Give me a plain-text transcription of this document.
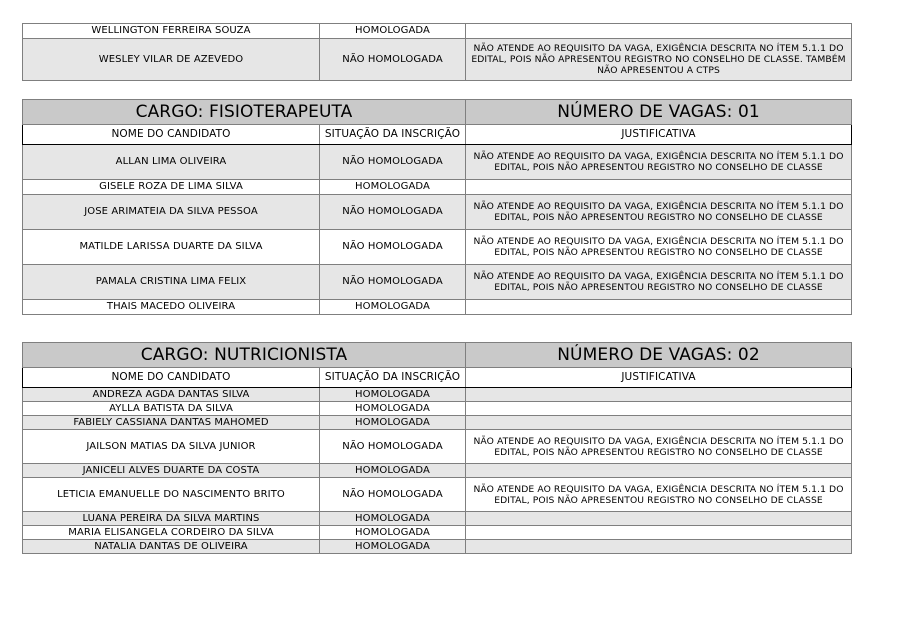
WELLINGTON FERREIRA SOUZA	HOMOLOGADA	
WESLEY VILAR DE AZEVEDO	NÃO HOMOLOGADA	NÃO ATENDE AO REQUISITO DA VAGA, EXIGÊNCIA DESCRITA NO ÍTEM 5.1.1 DO EDITAL, POIS NÃO APRESENTOU REGISTRO NO CONSELHO DE CLASSE. TAMBÉM NÃO APRESENTOU A CTPS
CARGO: FISIOTERAPEUTA		NÚMERO DE VAGAS: 01
NOME DO CANDIDATO	SITUAÇÃO DA INSCRIÇÃO	JUSTIFICATIVA
ALLAN LIMA OLIVEIRA	NÃO HOMOLOGADA	NÃO ATENDE AO REQUISITO DA VAGA, EXIGÊNCIA DESCRITA NO ÍTEM 5.1.1 DO EDITAL, POIS NÃO APRESENTOU REGISTRO NO CONSELHO DE CLASSE
GISELE ROZA DE LIMA SILVA	HOMOLOGADA	
JOSE ARIMATEIA DA SILVA PESSOA	NÃO HOMOLOGADA	NÃO ATENDE AO REQUISITO DA VAGA, EXIGÊNCIA DESCRITA NO ÍTEM 5.1.1 DO EDITAL, POIS NÃO APRESENTOU REGISTRO NO CONSELHO DE CLASSE
MATILDE LARISSA DUARTE DA SILVA	NÃO HOMOLOGADA	NÃO ATENDE AO REQUISITO DA VAGA, EXIGÊNCIA DESCRITA NO ÍTEM 5.1.1 DO EDITAL, POIS NÃO APRESENTOU REGISTRO NO CONSELHO DE CLASSE
PAMALA CRISTINA LIMA FELIX	NÃO HOMOLOGADA	NÃO ATENDE AO REQUISITO DA VAGA, EXIGÊNCIA DESCRITA NO ÍTEM 5.1.1 DO EDITAL, POIS NÃO APRESENTOU REGISTRO NO CONSELHO DE CLASSE
THAIS MACEDO OLIVEIRA	HOMOLOGADA	
CARGO: NUTRICIONISTA		NÚMERO DE VAGAS: 02
NOME DO CANDIDATO	SITUAÇÃO DA INSCRIÇÃO	JUSTIFICATIVA
ANDREZA AGDA DANTAS SILVA	HOMOLOGADA	
AYLLA BATISTA DA SILVA	HOMOLOGADA	
FABIELY CASSIANA DANTAS MAHOMED	HOMOLOGADA	
JAILSON MATIAS DA SILVA JUNIOR	NÃO HOMOLOGADA	NÃO ATENDE AO REQUISITO DA VAGA, EXIGÊNCIA DESCRITA NO ÍTEM 5.1.1 DO EDITAL, POIS NÃO APRESENTOU REGISTRO NO CONSELHO DE CLASSE
JANICELI ALVES DUARTE DA COSTA	HOMOLOGADA	
LETICIA EMANUELLE DO NASCIMENTO BRITO	NÃO HOMOLOGADA	NÃO ATENDE AO REQUISITO DA VAGA, EXIGÊNCIA DESCRITA NO ÍTEM 5.1.1 DO EDITAL, POIS NÃO APRESENTOU REGISTRO NO CONSELHO DE CLASSE
LUANA PEREIRA DA SILVA MARTINS	HOMOLOGADA	
MARIA ELISANGELA CORDEIRO DA SILVA	HOMOLOGADA	
NATALIA DANTAS DE OLIVEIRA	HOMOLOGADA	
